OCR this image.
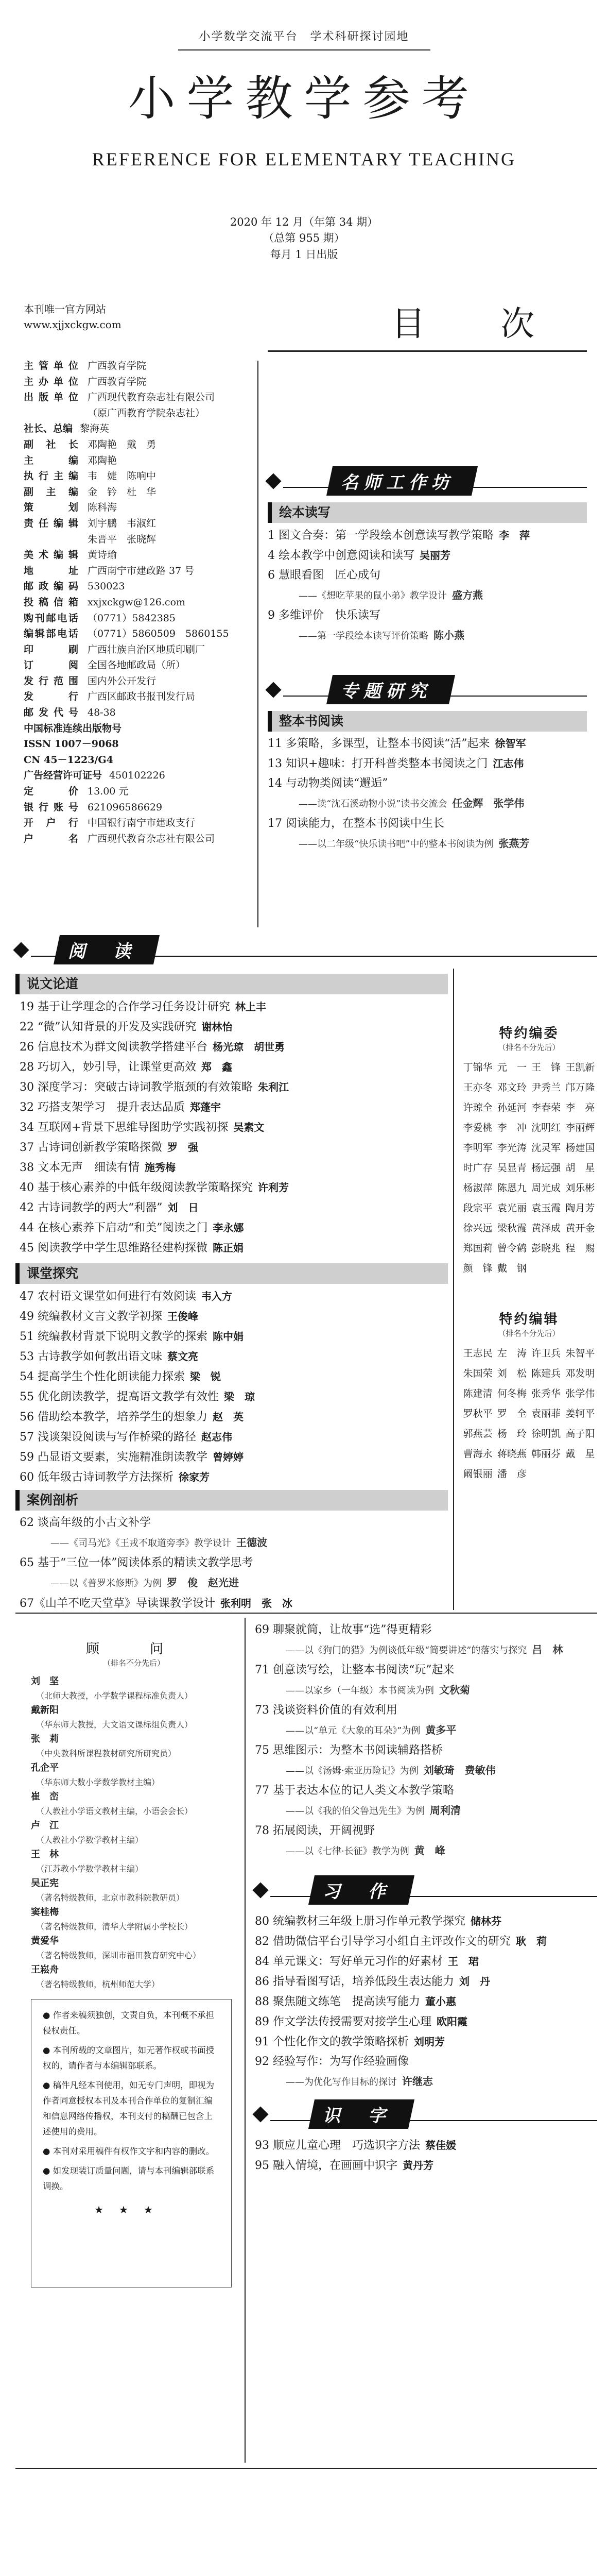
小学数学交流平台　学术科研探讨园地
小学教学参考
REFERENCE FOR ELEMENTARY TEACHING
2020 年 12 月（年第 34 期）
（总第 955 期）
每月 1 日出版
本刊唯一官方网站
www.xjjxckgw.com	目　次
主管单位 广西教育学院
主办单位 广西教育学院
出版单位 广西现代教育杂志社有限公司

（原广西教育学院杂志社）
社长、总编 黎海英
副社长 邓陶艳　戴　勇
主编 邓陶艳
执行主编 韦　婕　陈响中
副主编 金　钤　杜　华
策划 陈科海
责任编辑 刘宇鹏　韦淑红

朱晋平　张晓辉
美术编辑 黄诗瑜
地址 广西南宁市建政路 37 号
邮政编码 530023
投稿信箱 xxjxckgw@126.com
购刊邮电话 （0771）5842385
编辑部电话 （0771）5860509　5860155
印刷 广西壮族自治区地质印刷厂
订阅 全国各地邮政局（所）
发行范围 国内外公开发行
发行 广西区邮政书报刊发行局
邮发代号 48-38
中国标准连续出版物号
ISSN 1007－9068
CN 45－1223/G4
广告经营许可证号 450102226
定价 13.00 元
银行账号 621096586629
开户行 中国银行南宁市建政支行
户名 广西现代教育杂志社有限公司
名师工作坊
绘本读写
1 图文合奏：第一学段绘本创意读写教学策略 李　萍
4 绘本教学中创意阅读和读写 吴丽芳
6 慧眼看图　匠心成句
——《想吃苹果的鼠小弟》教学设计 盛方燕
9 多维评价　快乐读写
——第一学段绘本读写评价策略 陈小燕
专题研究
整本书阅读
11 多策略，多课型，让整本书阅读“活”起来 徐智军
13 知识+趣味：打开科普类整本书阅读之门 江志伟
14 与动物类阅读“邂逅”
——读“沈石溪动物小说”读书交流会 任金辉　张学伟
17 阅读能力，在整本书阅读中生长
——以二年级“快乐读书吧”中的整本书阅读为例 张燕芳
阅　读
说文论道
19 基于让学理念的合作学习任务设计研究 林上丰
22 “微”认知背景的开发及实践研究 谢林怡
26 信息技术为群文阅读教学搭建平台 杨光琼　胡世勇
28 巧切入，妙引导，让课堂更高效 郑　鑫
30 深度学习：突破古诗词教学瓶颈的有效策略 朱利江
32 巧搭支架学习　提升表达品质 郑蓬宇
34 互联网+背景下思维导图助学实践初探 吴素文
37 古诗词创新教学策略探微 罗　强
38 文本无声　细读有情 施秀梅
40 基于核心素养的中低年级阅读教学策略探究 许利芳
42 古诗词教学的两大“利器” 刘　日
44 在核心素养下启动“和美”阅读之门 李永娜
45 阅读教学中学生思维路径建构探微 陈正娟
课堂探究
47 农村语文课堂如何进行有效阅读 韦入方
49 统编教材文言文教学初探 王俊峰
51 统编教材背景下说明文教学的探索 陈中娟
53 古诗教学如何教出语文味 蔡文亮
54 提高学生个性化朗读能力探索 梁　锐
55 优化朗读教学，提高语文教学有效性 梁　琼
56 借助绘本教学，培养学生的想象力 赵　英
57 浅谈架设阅读与写作桥梁的路径 赵志伟
59 凸显语文要素，实施精准朗读教学 曾婷婷
60 低年级古诗词教学方法探析 徐家芳
案例剖析
62 谈高年级的小古文补学
——《司马光》《王戎不取道旁李》教学设计 王德波
65 基于“三位一体”阅读体系的精读文教学思考
——以《普罗米修斯》为例 罗　俊　赵光进
67《山羊不吃天堂草》导读课教学设计 张利明　张　冰
特约编委
（排名不分先后）
丁锦华 元　一 王　锋 王凯新
王亦冬 邓文玲 尹秀兰 邝万隆
许琼全 孙延河 李春荣 李　亮
李爱桃 李　冲 沈明红 李丽辉
李明军 李光涛 沈灵军 杨建国
时广存 吴显青 杨远强 胡　星
杨淑萍 陈恩九 周光成 刘乐彬
段宗平 袁光丽 袁玉霞 陶月芳
徐兴远 梁秋霞 黄泽成 黄开金
郑国莉 曾令鹤 彭晓兆 程　赐
颜　锋 戴　钢
特约编辑
（排名不分先后）
王志民 左　涛 许卫兵 朱智平
朱国荣 刘　松 陈建兵 邓发明
陈建清 何冬梅 张秀华 张学伟
罗秋平 罗　全 袁丽菲 姜轲平
郭燕芸 杨　玲 徐明凯 高子阳
曹海永 蒋晓燕 韩丽芬 戴　星
阚银丽 潘　彦
顾　问
（排名不分先后）
刘　坚
（北师大教授，小学数学课程标准负责人）
戴新阳
（华东师大教授，大文语文课标组负责人）
张　莉
（中央教科所课程教材研究所研究员）
孔企平
（华东师大数小学数学教材主编）
崔　峦
（人教社小学语文教材主编，小语会会长）
卢　江
（人教社小学数学教材主编）
王　林
（江苏教小学数学教材主编）
吴正宪
（著名特级教师，北京市教科院教研员）
窦桂梅
（著名特级教师，清华大学附属小学校长）
黄爱华
（著名特级教师，深圳市福田教育研究中心）
王崧舟
（著名特级教师，杭州师范大学）

● 作者来稿须独创，文责自负，本刊概不承担侵权责任。

● 本刊所载的文章图片，如无著作权或书面授权的，请作者与本编辑部联系。

● 稿件凡经本刊使用，如无专门声明，即视为作者同意授权本刊及本刊合作单位的复制汇编和信息网络传播权，本刊支付的稿酬已包含上述使用的费用。

● 本刊对采用稿件有权作文字和内容的删改。

● 如发现装订质量问题，请与本刊编辑部联系调换。

★★★
69 聊聚就简，让故事“选”得更精彩
——以《狗门的猎》为例谈低年级“简要讲述”的落实与探究 吕　林
71 创意读写绘，让整本书阅读“玩”起来
——以家乡（一年级）本书阅读为例 文秋菊
73 浅谈资料价值的有效利用
——以“单元《大象的耳朵》”为例 黄多平
75 思维图示：为整本书阅读辅路搭桥
——以《汤姆·索亚历险记》为例 刘敏琦　费敏伟
77 基于表达本位的记人类文本教学策略
——以《我的伯父鲁迅先生》为例 周利清
78 拓展阅读，开阔视野
——以《七律·长征》教学为例 黄　峰
习　作
80 统编教材三年级上册习作单元教学探究 储林芬
82 借助微信平台引导学习小组自主评改作文的研究 耿　莉
84 单元课文：写好单元习作的好素材 王　珺
86 指导看图写话，培养低段生表达能力 刘　丹
88 聚焦随文练笔　提高读写能力 董小惠
89 作文学法传授需要对接学生心理 欧阳霞
91 个性化作文的教学策略探析 刘明芳
92 经验写作：为写作经验画像
——为优化写作目标的探讨 许继志
识　字
93 顺应儿童心理　巧选识字方法 蔡佳媛
95 融入情境，在画画中识字 黄丹芳
